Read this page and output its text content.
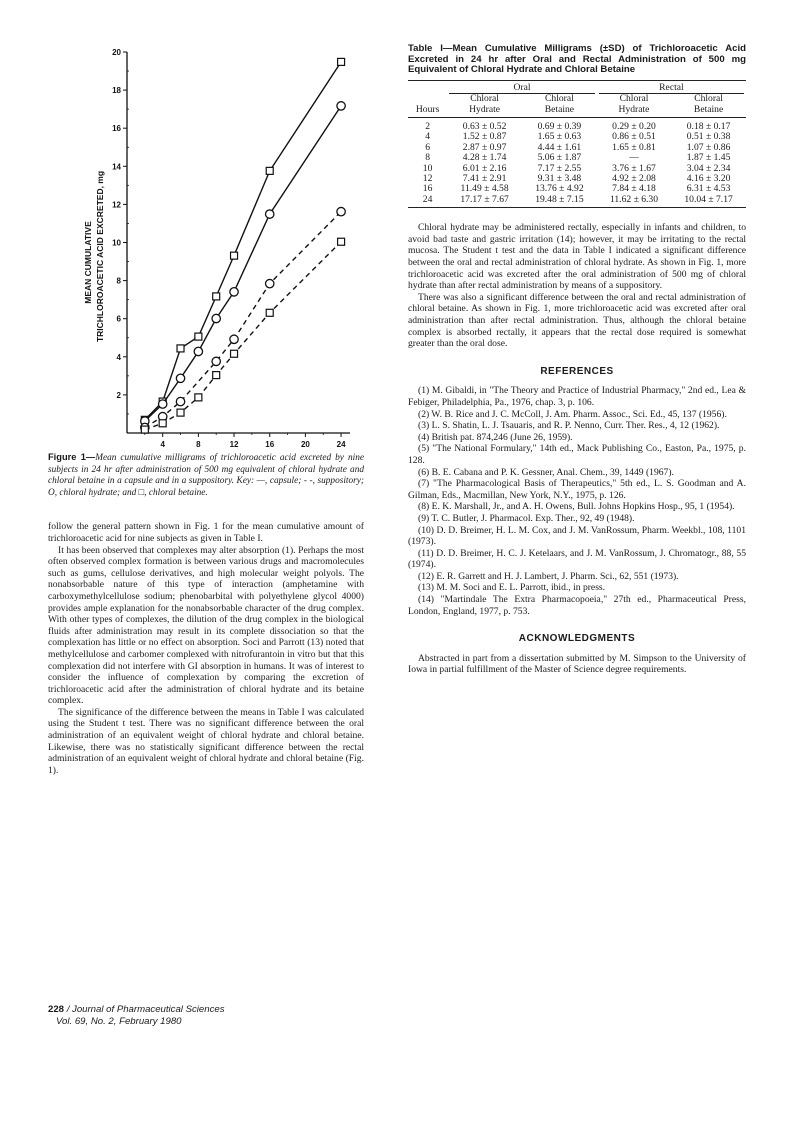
2
4
6
8
10
12
14
16
18
20
4	8	12	16	20	24
MEAN CUMULATIVE TRICHLOROACETIC ACID EXCRETED, mg
Figure 1—Mean cumulative milligrams of trichloroacetic acid excreted by nine subjects in 24 hr after administration of 500 mg equivalent of chloral hydrate and chloral betaine in a capsule and in a suppository. Key: —, capsule; - -, suppository; O, chloral hydrate; and □, chloral betaine.

follow the general pattern shown in Fig. 1 for the mean cumulative amount of trichloroacetic acid for nine subjects as given in Table I.

It has been observed that complexes may alter absorption (1). Perhaps the most often observed complex formation is between various drugs and macromolecules such as gums, cellulose derivatives, and high molecular weight polyols. The nonabsorbable nature of this type of interaction (amphetamine with carboxymethylcellulose sodium; phenobarbital with polyethylene glycol 4000) provides ample explanation for the nonabsorbable character of the drug complex. With other types of complexes, the dilution of the drug complex in the biological fluids after administration may result in its complete dissociation so that the complexation has little or no effect on absorption. Soci and Parrott (13) noted that methylcellulose and carbomer complexed with nitrofurantoin in vitro but that this complexation did not interfere with GI absorption in humans. It was of interest to consider the influence of complexation by comparing the excretion of trichloroacetic acid after the administration of chloral hydrate and its betaine complex.

The significance of the difference between the means in Table I was calculated using the Student t test. There was no significant difference between the oral administration of an equivalent weight of chloral hydrate and chloral betaine. Likewise, there was no statistically significant difference between the rectal administration of an equivalent weight of chloral hydrate and chloral betaine (Fig. 1).

Table I—Mean Cumulative Milligrams (±SD) of Trichloroacetic Acid Excreted in 24 hr after Oral and Rectal Administration of 500 mg Equivalent of Chloral Hydrate and Chloral Betaine

	Oral		Rectal	

	Chloral	Chloral	Chloral	Chloral
Hours	Hydrate	Betaine	Hydrate	Betaine
2	0.63 ± 0.52	0.69 ± 0.39	0.29 ± 0.20	0.18 ± 0.17
4	1.52 ± 0.87	1.65 ± 0.63	0.86 ± 0.51	0.51 ± 0.38
6	2.87 ± 0.97	4.44 ± 1.61	1.65 ± 0.81	1.07 ± 0.86
8	4.28 ± 1.74	5.06 ± 1.87	—	1.87 ± 1.45
10	6.01 ± 2.16	7.17 ± 2.55	3.76 ± 1.67	3.04 ± 2.34
12	7.41 ± 2.91	9.31 ± 3.48	4.92 ± 2.08	4.16 ± 3.20
16	11.49 ± 4.58	13.76 ± 4.92	7.84 ± 4.18	6.31 ± 4.53
24	17.17 ± 7.67	19.48 ± 7.15	11.62 ± 6.30	10.04 ± 7.17

Chloral hydrate may be administered rectally, especially in infants and children, to avoid bad taste and gastric irritation (14); however, it may be irritating to the rectal mucosa. The Student t test and the data in Table I indicated a significant difference between the oral and rectal administration of chloral hydrate. As shown in Fig. 1, more trichloroacetic acid was excreted after the oral administration of 500 mg of chloral hydrate than after rectal administration by means of a suppository.

There was also a significant difference between the oral and rectal administration of chloral betaine. As shown in Fig. 1, more trichloroacetic acid was excreted after oral administration than after rectal administration. Thus, although the chloral betaine complex is absorbed rectally, it appears that the rectal dose required is somewhat greater than the oral dose.

REFERENCES
(1) M. Gibaldi, in "The Theory and Practice of Industrial Pharmacy," 2nd ed., Lea & Febiger, Philadelphia, Pa., 1976, chap. 3, p. 106.
(2) W. B. Rice and J. C. McColl, J. Am. Pharm. Assoc., Sci. Ed., 45, 137 (1956).
(3) L. S. Shatin, L. J. Tsauaris, and R. P. Nenno, Curr. Ther. Res., 4, 12 (1962).
(4) British pat. 874,246 (June 26, 1959).
(5) "The National Formulary," 14th ed., Mack Publishing Co., Easton, Pa., 1975, p. 128.
(6) B. E. Cabana and P. K. Gessner, Anal. Chem., 39, 1449 (1967).
(7) "The Pharmacological Basis of Therapeutics," 5th ed., L. S. Goodman and A. Gilman, Eds., Macmillan, New York, N.Y., 1975, p. 126.
(8) E. K. Marshall, Jr., and A. H. Owens, Bull. Johns Hopkins Hosp., 95, 1 (1954).
(9) T. C. Butler, J. Pharmacol. Exp. Ther., 92, 49 (1948).
(10) D. D. Breimer, H. L. M. Cox, and J. M. VanRossum, Pharm. Weekbl., 108, 1101 (1973).
(11) D. D. Breimer, H. C. J. Ketelaars, and J. M. VanRossum, J. Chromatogr., 88, 55 (1974).
(12) E. R. Garrett and H. J. Lambert, J. Pharm. Sci., 62, 551 (1973).
(13) M. M. Soci and E. L. Parrott, ibid., in press.
(14) "Martindale The Extra Pharmacopoeia," 27th ed., Pharmaceutical Press, London, England, 1977, p. 753.
ACKNOWLEDGMENTS

Abstracted in part from a dissertation submitted by M. Simpson to the University of Iowa in partial fulfillment of the Master of Science degree requirements.

228 / Journal of Pharmaceutical Sciences
Vol. 69, No. 2, February 1980
